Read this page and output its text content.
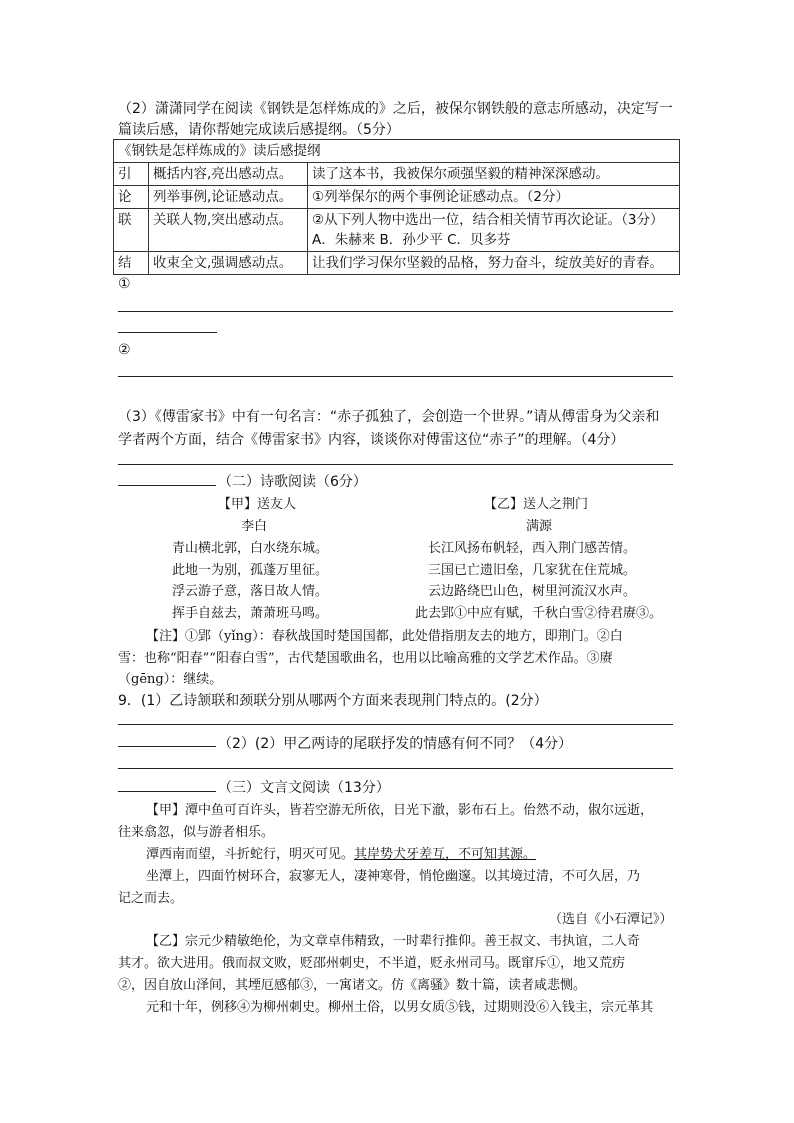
（2）潇潇同学在阅读《钢铁是怎样炼成的》之后，被保尔钢铁般的意志所感动，决定写一
篇读后感，请你帮她完成读后感提纲。（5分）
《钢铁是怎样炼成的》读后感提纲		
引	概括内容,亮出感动点。	读了这本书，我被保尔顽强坚毅的精神深深感动。
论	列举事例,论证感动点。	①列举保尔的两个事例论证感动点。（2分）
联	关联人物,突出感动点。	②从下列人物中选出一位，结合相关情节再次论证。（3分）
A．朱赫来 B．孙少平 C．贝多芬

结	收束全文,强调感动点。	让我们学习保尔坚毅的品格，努力奋斗，绽放美好的青春。
①
②
（3）《傅雷家书》中有一句名言：“赤子孤独了，会创造一个世界。”请从傅雷身为父亲和
学者两个方面，结合《傅雷家书》内容，谈谈你对傅雷这位“赤子”的理解。（4分）
（二）诗歌阅读（6分）
【甲】送友人
李白
青山横北郭，白水绕东城。
此地一为别，孤蓬万里征。
浮云游子意，落日故人情。
挥手自兹去，萧萧班马鸣。
【乙】送人之荆门
满源
长江风扬布帆轻，西入荆门感苦情。
三国已亡遗旧垒，几家犹在住荒城。
云边路绕巴山色，树里河流汉水声。
此去郢①中应有赋，千秋白雪②待君赓③。
【注】①郢（yǐng）：春秋战国时楚国国都，此处借指朋友去的地方，即荆门。②白
雪：也称“阳春”“阳春白雪”，古代楚国歌曲名，也用以比喻高雅的文学艺术作品。③赓
（gēng）：继续。
9．(1）乙诗颔联和颈联分别从哪两个方面来表现荆门特点的。(2分）
（2）(2）甲乙两诗的尾联抒发的情感有何不同？（4分）
（三）文言文阅读（13分）
【甲】潭中鱼可百许头，皆若空游无所依，日光下澈，影布石上。佁然不动，俶尔远逝，
往来翕忽，似与游者相乐。
潭西南而望，斗折蛇行，明灭可见。其岸势犬牙差互，不可知其源。
坐潭上，四面竹树环合，寂寥无人，凄神寒骨，悄怆幽邃。以其境过清，不可久居，乃
记之而去。
（选自《小石潭记》）
【乙】宗元少精敏绝伦，为文章卓伟精致，一时辈行推仰。善王叔文、韦执谊，二人奇
其才。欲大进用。俄而叔文败，贬邵州刺史，不半道，贬永州司马。既窜斥①，地又荒疠
②，因自放山泽间，其堙厄感郁③，一寓诸文。仿《离骚》数十篇，读者咸悲恻。
元和十年，例移④为柳州刺史。柳州土俗，以男女质⑤钱，过期则没⑥入钱主，宗元革其
